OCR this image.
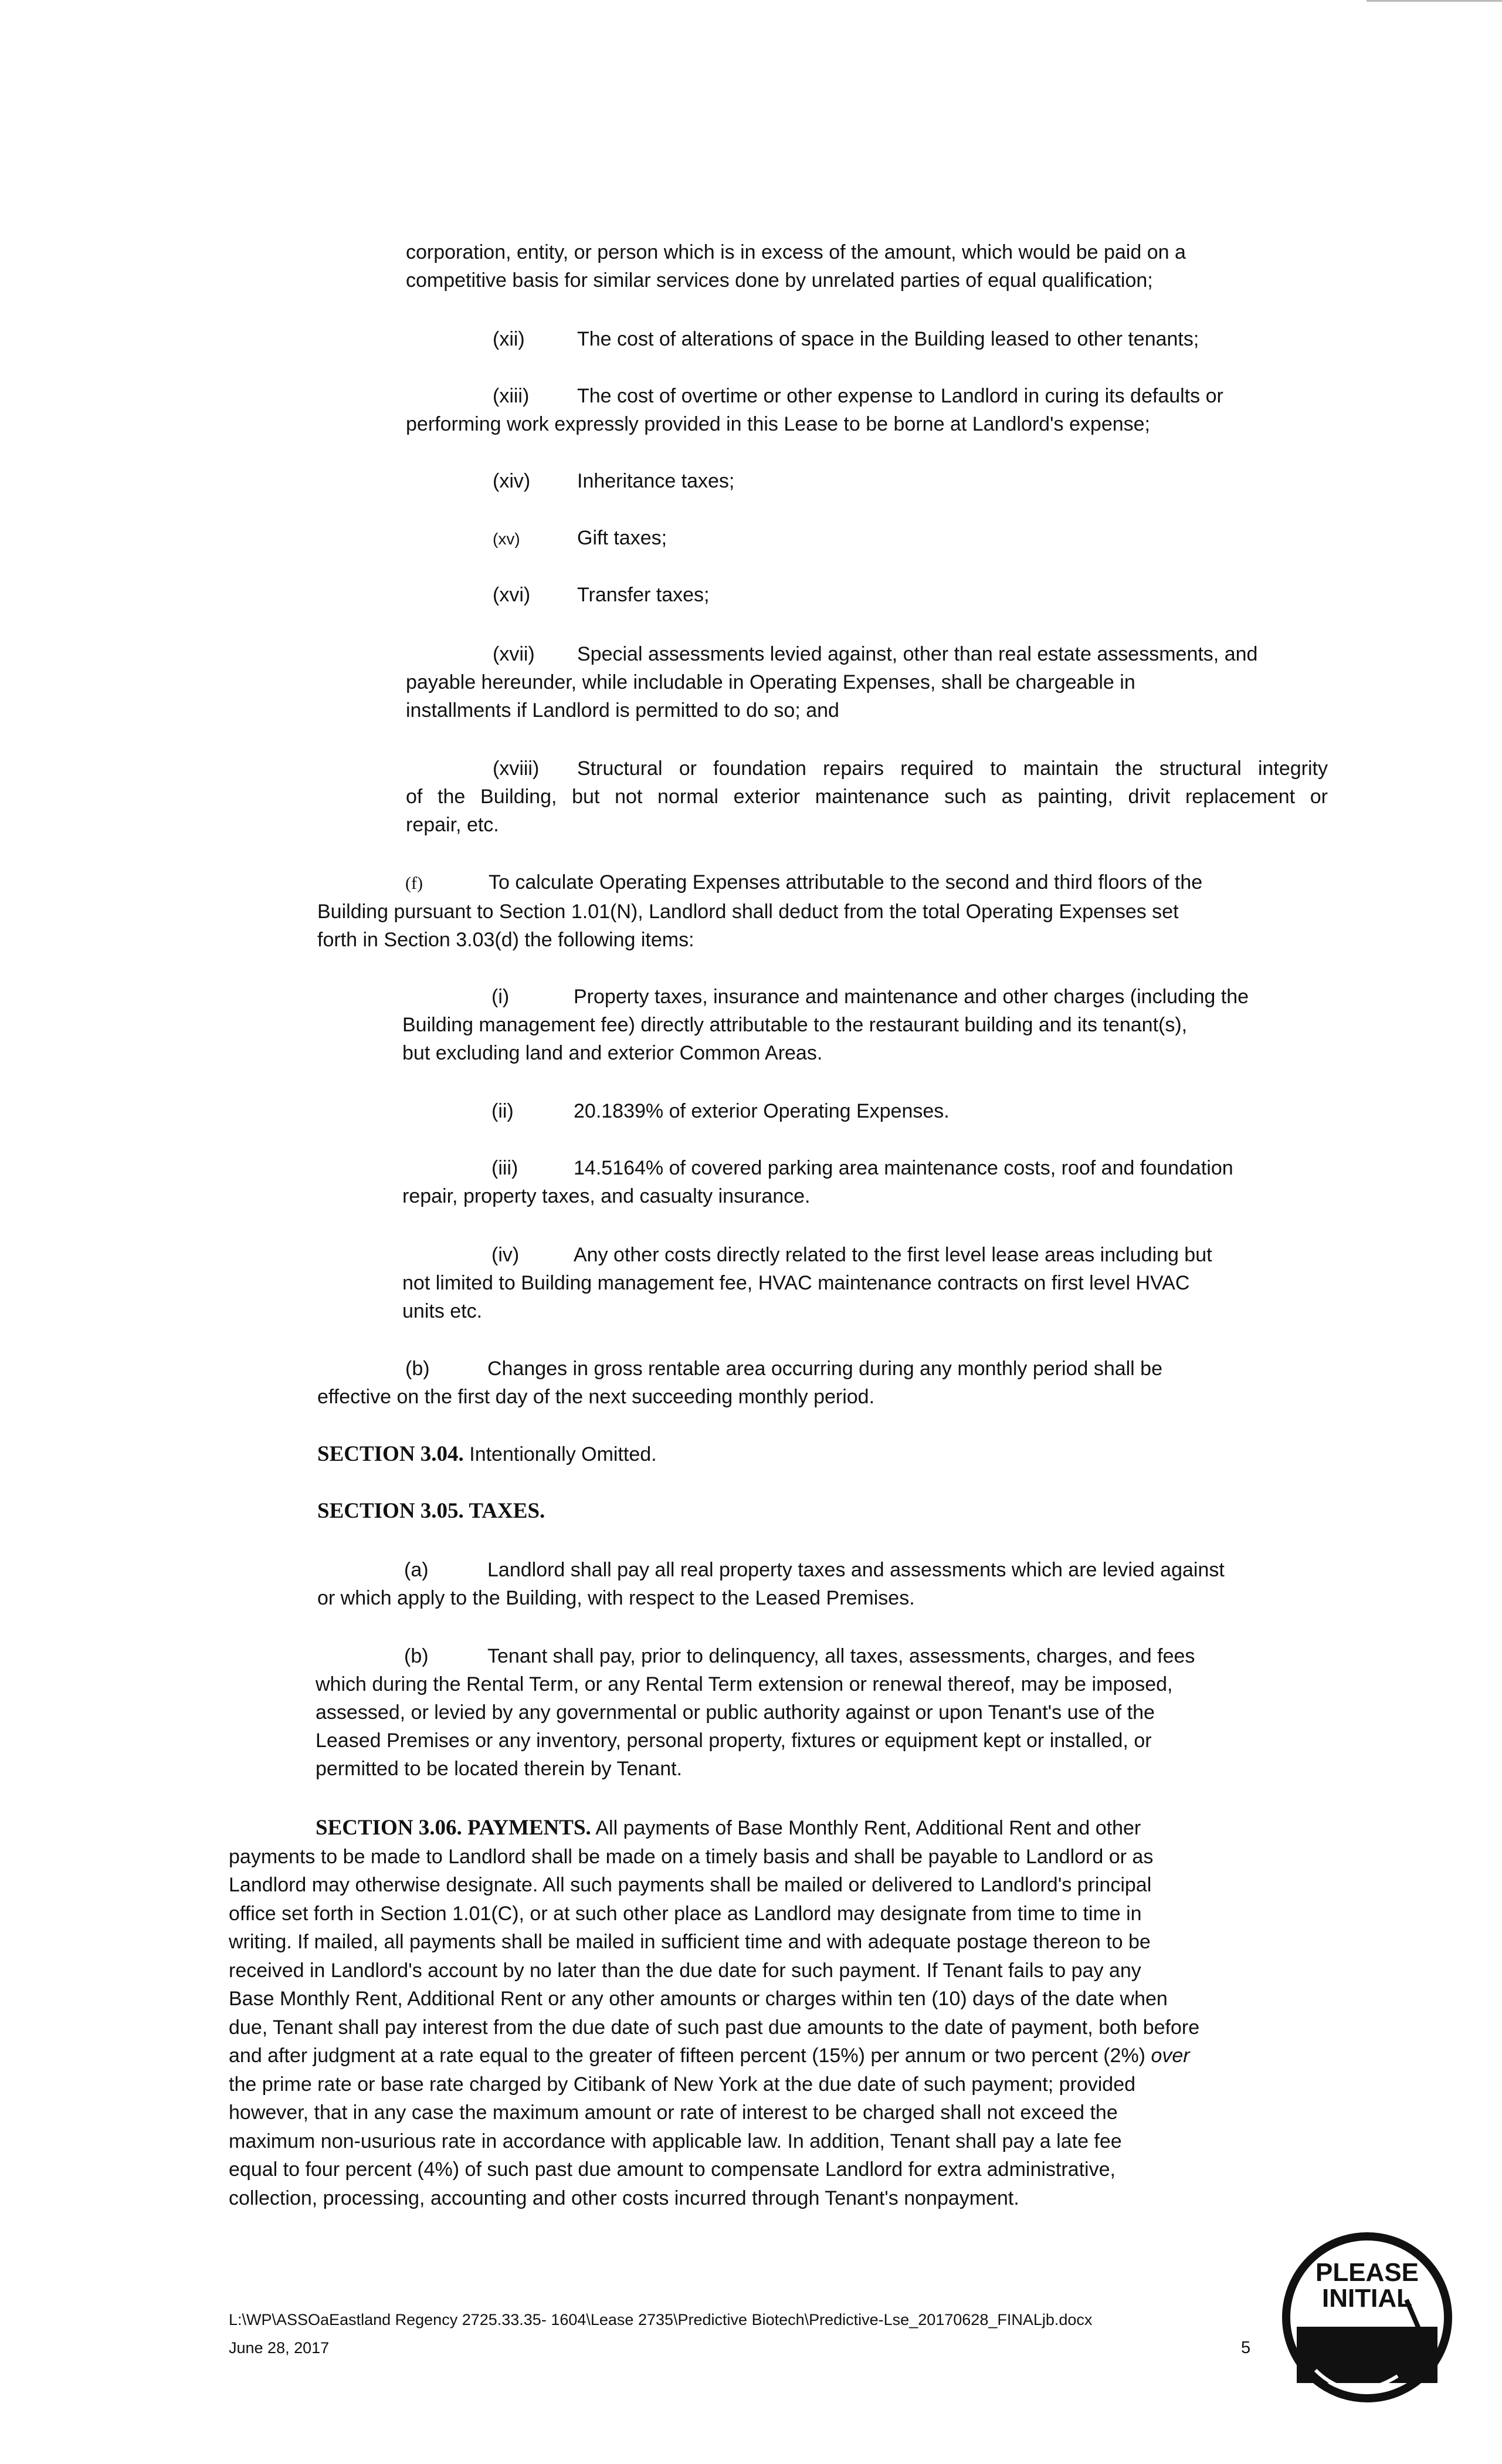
corporation, entity, or person which is in excess of the amount, which would be paid on a

competitive basis for similar services done by unrelated parties of equal qualification;

(xii)	The cost of alterations of space in the Building leased to other tenants;

(xiii) The cost of overtime or other expense to Landlord in curing its defaults or

performing work expressly provided in this Lease to be borne at Landlord's expense;

(xiv) Inheritance taxes;
(xv)	Gift taxes;
(xvi) Transfer taxes;

(xvii) Special assessments levied against, other than real estate assessments, and

payable hereunder, while includable in Operating Expenses, shall be chargeable in

installments if Landlord is permitted to do so; and

(xviii) Structural or foundation repairs required to maintain the structural integrity

of the Building, but not normal exterior maintenance such as painting, drivit replacement or

repair, etc.

(f)	To calculate Operating Expenses attributable to the second and third floors of the

Building pursuant to Section 1.01(N), Landlord shall deduct from the total Operating Expenses set

forth in Section 3.03(d) the following items:

(i)	Property taxes, insurance and maintenance and other charges (including the

Building management fee) directly attributable to the restaurant building and its tenant(s),

but excluding land and exterior Common Areas.

(ii)	20.1839% of exterior Operating Expenses.

(iii)	14.5164% of covered parking area maintenance costs, roof and foundation

repair, property taxes, and casualty insurance.

(iv)	Any other costs directly related to the first level lease areas including but

not limited to Building management fee, HVAC maintenance contracts on first level HVAC

units etc.

(b)	Changes in gross rentable area occurring during any monthly period shall be

effective on the first day of the next succeeding monthly period.

SECTION 3.04. Intentionally Omitted.
SECTION 3.05. TAXES.

(a)	Landlord shall pay all real property taxes and assessments which are levied against

or which apply to the Building, with respect to the Leased Premises.

(b)	Tenant shall pay, prior to delinquency, all taxes, assessments, charges, and fees

which during the Rental Term, or any Rental Term extension or renewal thereof, may be imposed,

assessed, or levied by any governmental or public authority against or upon Tenant's use of the

Leased Premises or any inventory, personal property, fixtures or equipment kept or installed, or

permitted to be located therein by Tenant.

SECTION 3.06. PAYMENTS. All payments of Base Monthly Rent, Additional Rent and other

payments to be made to Landlord shall be made on a timely basis and shall be payable to Landlord or as

Landlord may otherwise designate. All such payments shall be mailed or delivered to Landlord's principal

office set forth in Section 1.01(C), or at such other place as Landlord may designate from time to time in

writing. If mailed, all payments shall be mailed in sufficient time and with adequate postage thereon to be

received in Landlord's account by no later than the due date for such payment. If Tenant fails to pay any

Base Monthly Rent, Additional Rent or any other amounts or charges within ten (10) days of the date when

due, Tenant shall pay interest from the due date of such past due amounts to the date of payment, both before

and after judgment at a rate equal to the greater of fifteen percent (15%) per annum or two percent (2%) over

the prime rate or base rate charged by Citibank of New York at the due date of such payment; provided

however, that in any case the maximum amount or rate of interest to be charged shall not exceed the

maximum non-usurious rate in accordance with applicable law. In addition, Tenant shall pay a late fee

equal to four percent (4%) of such past due amount to compensate Landlord for extra administrative,

collection, processing, accounting and other costs incurred through Tenant's nonpayment.

L:\WP\ASSOaEastland Regency 2725.33.35- 1604\Lease 2735\Predictive Biotech\Predictive-Lse_20170628_FINALjb.docx
June 28, 2017	5
PLEASE
INITIAL
